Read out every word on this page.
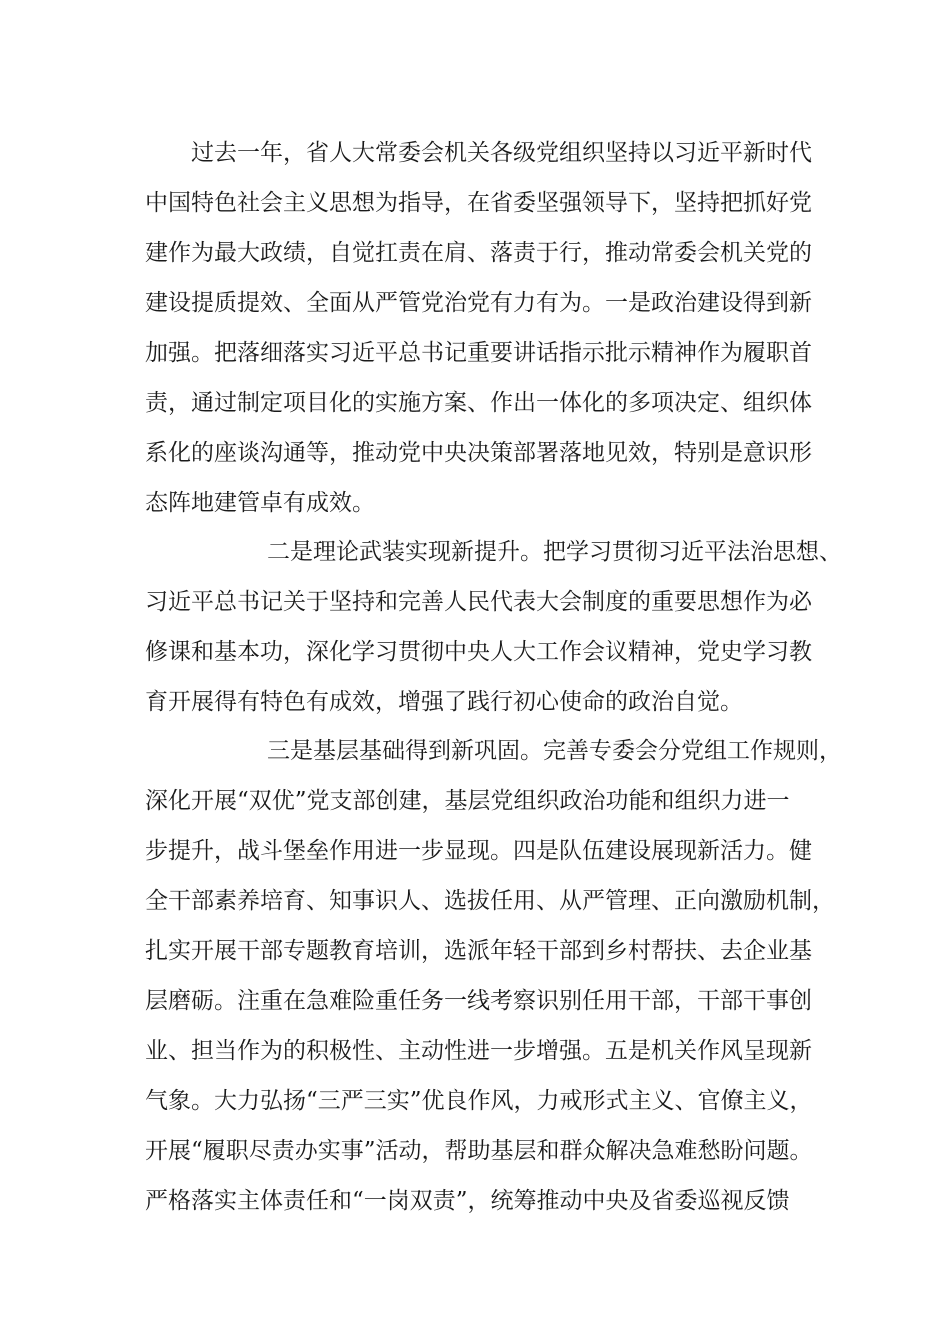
过去一年，省人大常委会机关各级党组织坚持以习近平新时代
中国特色社会主义思想为指导，在省委坚强领导下，坚持把抓好党
建作为最大政绩，自觉扛责在肩、落责于行，推动常委会机关党的
建设提质提效、全面从严管党治党有力有为。一是政治建设得到新
加强。把落细落实习近平总书记重要讲话指示批示精神作为履职首
责，通过制定项目化的实施方案、作出一体化的多项决定、组织体
系化的座谈沟通等，推动党中央决策部署落地见效，特别是意识形
态阵地建管卓有成效。
二是理论武装实现新提升。把学习贯彻习近平法治思想、
习近平总书记关于坚持和完善人民代表大会制度的重要思想作为必
修课和基本功，深化学习贯彻中央人大工作会议精神，党史学习教
育开展得有特色有成效，增强了践行初心使命的政治自觉。
三是基层基础得到新巩固。完善专委会分党组工作规则，
深化开展“双优”党支部创建，基层党组织政治功能和组织力进一
步提升，战斗堡垒作用进一步显现。四是队伍建设展现新活力。健
全干部素养培育、知事识人、选拔任用、从严管理、正向激励机制，
扎实开展干部专题教育培训，选派年轻干部到乡村帮扶、去企业基
层磨砺。注重在急难险重任务一线考察识别任用干部，干部干事创
业、担当作为的积极性、主动性进一步增强。五是机关作风呈现新
气象。大力弘扬“三严三实”优良作风，力戒形式主义、官僚主义，
开展“履职尽责办实事”活动，帮助基层和群众解决急难愁盼问题。
严格落实主体责任和“一岗双责”，统筹推动中央及省委巡视反馈
